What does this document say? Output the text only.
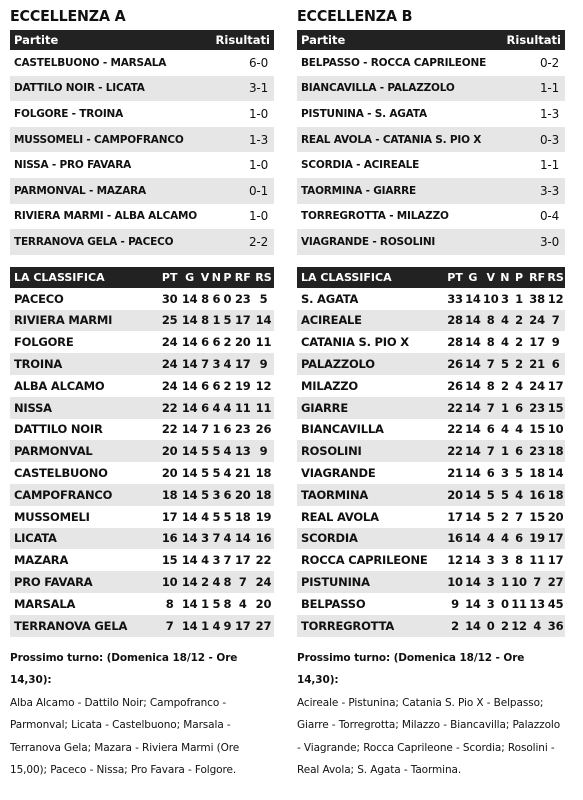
ECCELLENZA A
Partite	Risultati
CASTELBUONO - MARSALA	6-0
DATTILO NOIR - LICATA	3-1
FOLGORE - TROINA	1-0
MUSSOMELI - CAMPOFRANCO	1-3
NISSA - PRO FAVARA	1-0
PARMONVAL - MAZARA	0-1
RIVIERA MARMI - ALBA ALCAMO	1-0
TERRANOVA GELA - PACECO	2-2
LA CLASSIFICA	PT	G	V	N	P	RF	RS
PACECO	30	14	8	6	0	23	5
RIVIERA MARMI	25	14	8	1	5	17	14
FOLGORE	24	14	6	6	2	20	11
TROINA	24	14	7	3	4	17	9
ALBA ALCAMO	24	14	6	6	2	19	12
NISSA	22	14	6	4	4	11	11
DATTILO NOIR	22	14	7	1	6	23	26
PARMONVAL	20	14	5	5	4	13	9
CASTELBUONO	20	14	5	5	4	21	18
CAMPOFRANCO	18	14	5	3	6	20	18
MUSSOMELI	17	14	4	5	5	18	19
LICATA	16	14	3	7	4	14	16
MAZARA	15	14	4	3	7	17	22
PRO FAVARA	10	14	2	4	8	7	24
MARSALA	8	14	1	5	8	4	20
TERRANOVA GELA	7	14	1	4	9	17	27
Prossimo turno: (Domenica 18/12 - Ore 14,30):
Alba Alcamo - Dattilo Noir; Campofranco - Parmonval; Licata - Castelbuono; Marsala - Terranova Gela; Mazara - Riviera Marmi (Ore 15,00); Paceco - Nissa; Pro Favara - Folgore.
ECCELLENZA B
Partite	Risultati
BELPASSO - ROCCA CAPRILEONE	0-2
BIANCAVILLA - PALAZZOLO	1-1
PISTUNINA - S. AGATA	1-3
REAL AVOLA - CATANIA S. PIO X	0-3
SCORDIA - ACIREALE	1-1
TAORMINA - GIARRE	3-3
TORREGROTTA - MILAZZO	0-4
VIAGRANDE - ROSOLINI	3-0
LA CLASSIFICA	PT	G	V	N	P	RF	RS
S. AGATA	33	14	10	3	1	38	12
ACIREALE	28	14	8	4	2	24	7
CATANIA S. PIO X	28	14	8	4	2	17	9
PALAZZOLO	26	14	7	5	2	21	6
MILAZZO	26	14	8	2	4	24	17
GIARRE	22	14	7	1	6	23	15
BIANCAVILLA	22	14	6	4	4	15	10
ROSOLINI	22	14	7	1	6	23	18
VIAGRANDE	21	14	6	3	5	18	14
TAORMINA	20	14	5	5	4	16	18
REAL AVOLA	17	14	5	2	7	15	20
SCORDIA	16	14	4	4	6	19	17
ROCCA CAPRILEONE	12	14	3	3	8	11	17
PISTUNINA	10	14	3	1	10	7	27
BELPASSO	9	14	3	0	11	13	45
TORREGROTTA	2	14	0	2	12	4	36
Prossimo turno: (Domenica 18/12 - Ore 14,30):
Acireale - Pistunina; Catania S. Pio X - Belpasso; Giarre - Torregrotta; Milazzo - Biancavilla; Palazzolo - Viagrande; Rocca Caprileone - Scordia; Rosolini - Real Avola; S. Agata - Taormina.
